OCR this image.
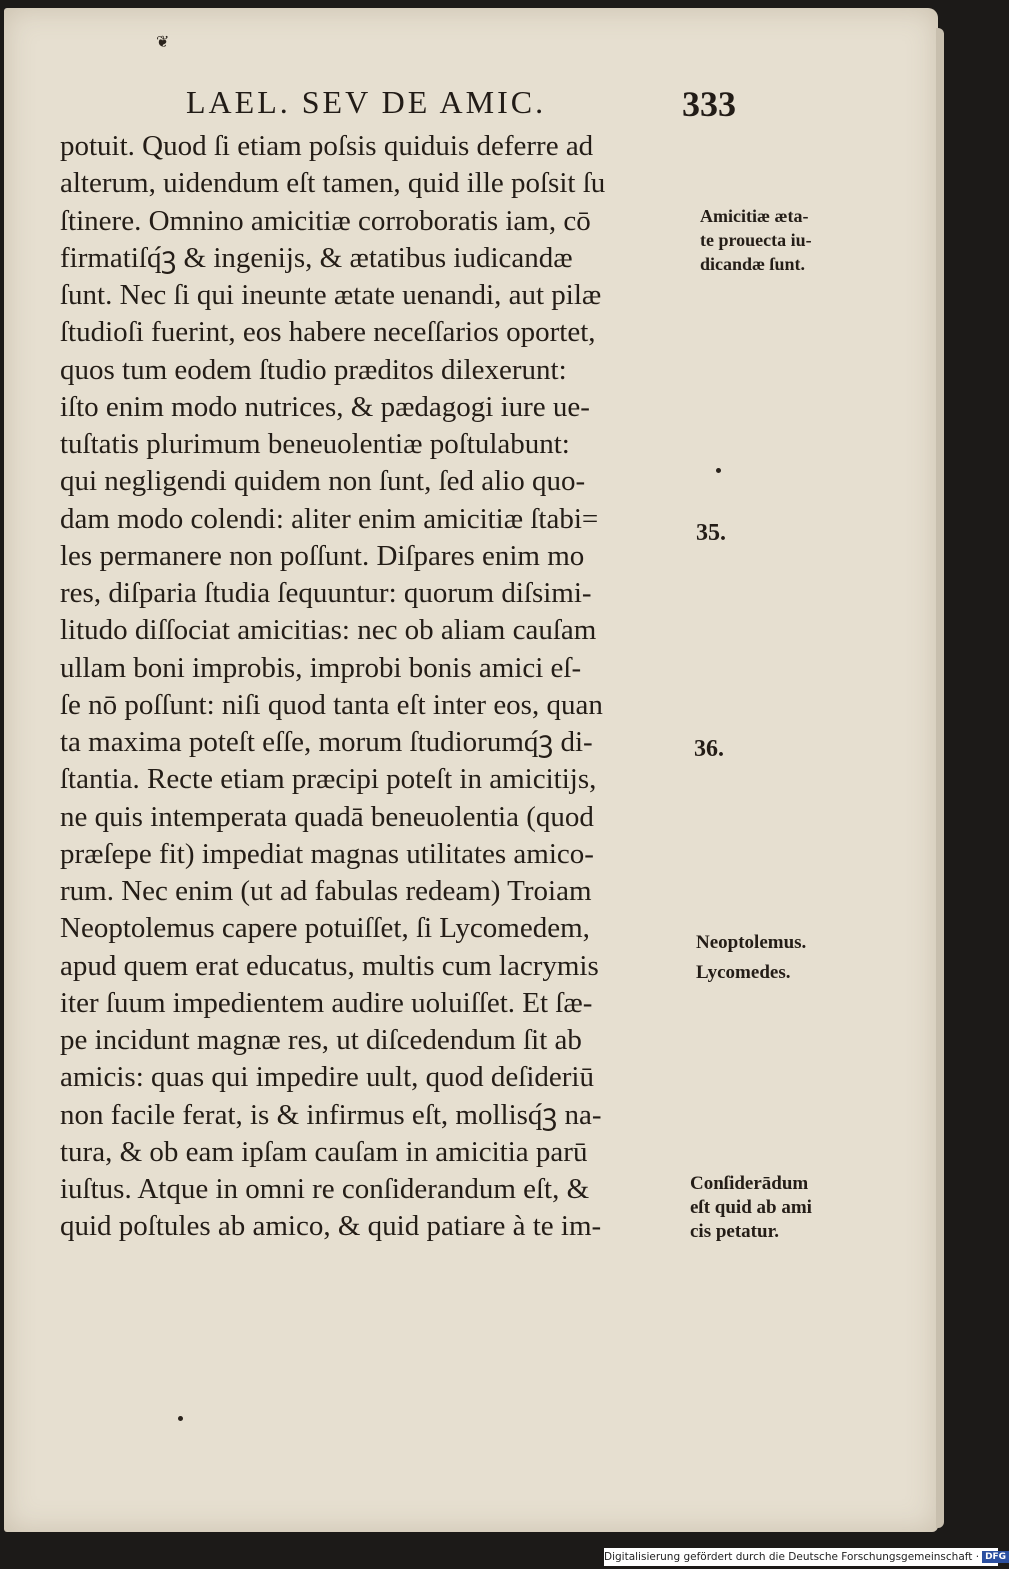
❦
LAEL. SEV DE AMIC.	333
potuit. Quod ſi etiam poſsis quiduis deferre ad
alterum, uidendum eſt tamen, quid ille poſsit ſu
ſtinere. Omnino amicitiæ corroboratis iam, cō
firmatiſq́ꝫ & ingenijs, & ætatibus iudicandæ
ſunt. Nec ſi qui ineunte ætate uenandi, aut pilæ
ſtudioſi fuerint, eos habere neceſſarios oportet,
quos tum eodem ſtudio præditos dilexerunt:
iſto enim modo nutrices, & pædagogi iure ue-
tuſtatis plurimum beneuolentiæ poſtulabunt:
qui negligendi quidem non ſunt, ſed alio quo-
dam modo colendi: aliter enim amicitiæ ſtabi=
les permanere non poſſunt. Diſpares enim mo
res, diſparia ſtudia ſequuntur: quorum diſsimi-
litudo diſſociat amicitias: nec ob aliam cauſam
ullam boni improbis, improbi bonis amici eſ-
ſe nō poſſunt: niſi quod tanta eſt inter eos, quan
ta maxima poteſt eſſe, morum ſtudiorumq́ꝫ di-
ſtantia. Recte etiam præcipi poteſt in amicitijs,
ne quis intemperata quadā beneuolentia (quod
præſepe fit) impediat magnas utilitates amico-
rum. Nec enim (ut ad fabulas redeam) Troiam
Neoptolemus capere potuiſſet, ſi Lycomedem,
apud quem erat educatus, multis cum lacrymis
iter ſuum impedientem audire uoluiſſet. Et ſæ-
pe incidunt magnæ res, ut diſcedendum ſit ab
amicis: quas qui impedire uult, quod deſideriū
non facile ferat, is & infirmus eſt, mollisq́ꝫ na-
tura, & ob eam ipſam cauſam in amicitia parū
iuſtus. Atque in omni re conſiderandum eſt, &
quid poſtules ab amico, & quid patiare à te im-
Amicitiæ æta-
te prouecta iu-
dicandæ ſunt.
Neoptolemus.
Lycomedes.
Conſiderādum
eſt quid ab ami
cis petatur.
35.
36.
Digitalisierung gefördert durch die Deutsche Forschungsgemeinschaft · DFG
